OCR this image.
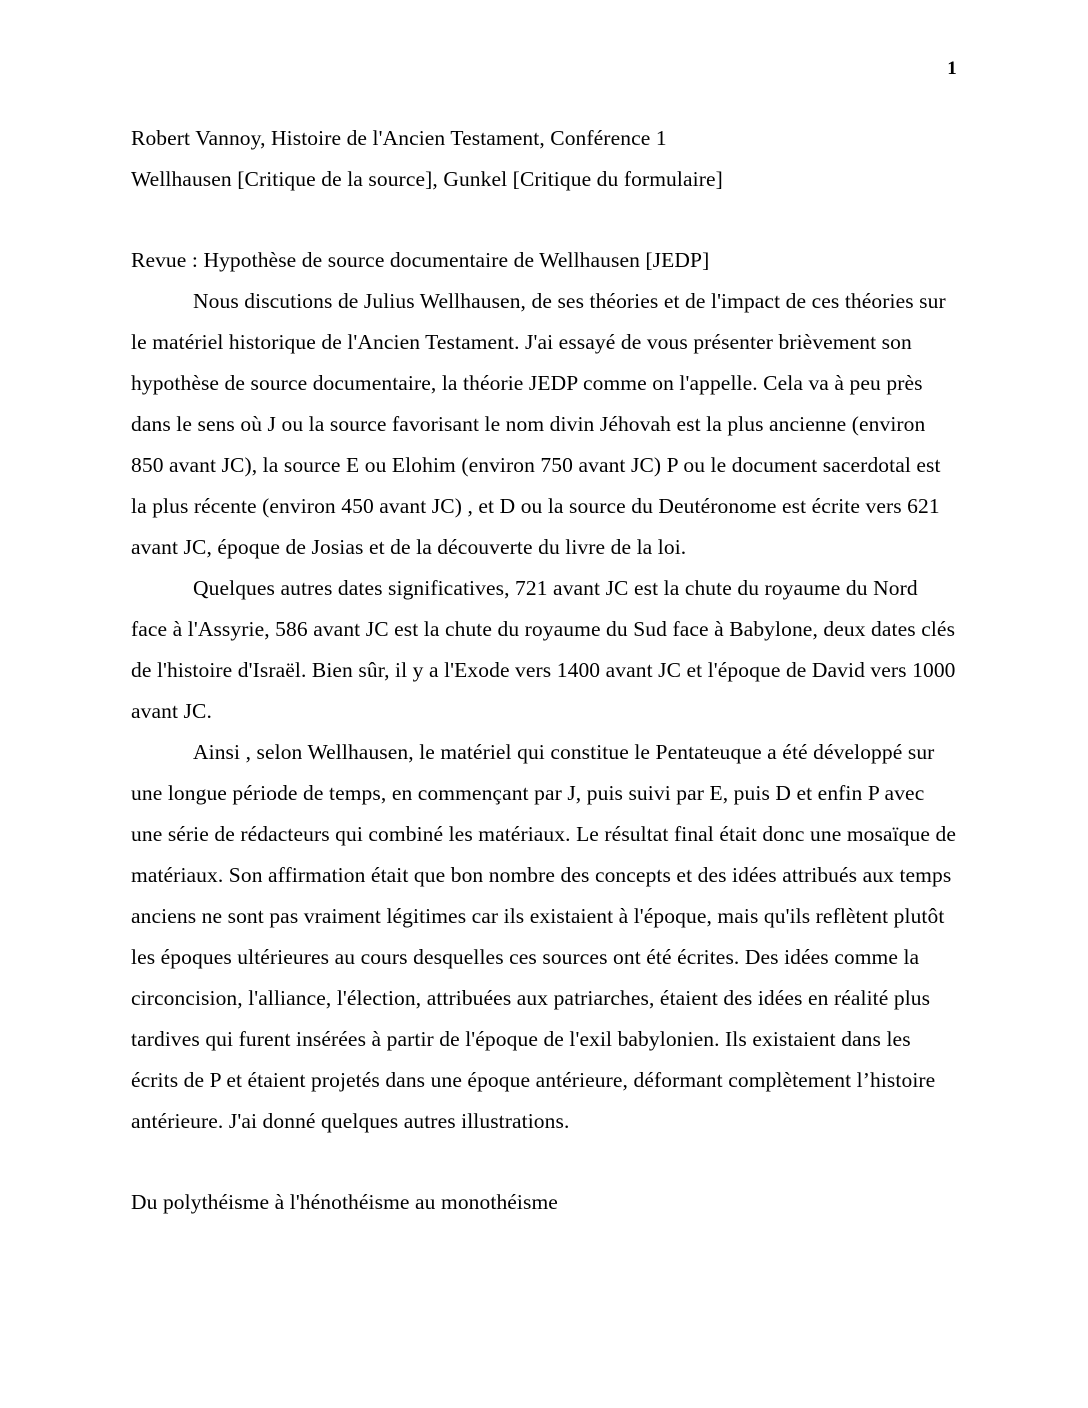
1

Robert Vannoy, Histoire de l'Ancien Testament, Conférence 1

Wellhausen [Critique de la source], Gunkel [Critique du formulaire]

Revue : Hypothèse de source documentaire de Wellhausen [JEDP]

Nous discutions de Julius Wellhausen, de ses théories et de l'impact de ces théories sur le matériel historique de l'Ancien Testament. J'ai essayé de vous présenter brièvement son hypothèse de source documentaire, la théorie JEDP comme on l'appelle. Cela va à peu près dans le sens où J ou la source favorisant le nom divin Jéhovah est la plus ancienne (environ 850 avant JC), la source E ou Elohim (environ 750 avant JC) P ou le document sacerdotal est la plus récente (environ 450 avant JC) , et D ou la source du Deutéronome est écrite vers 621 avant JC, époque de Josias et de la découverte du livre de la loi.

Quelques autres dates significatives, 721 avant JC est la chute du royaume du Nord face à l'Assyrie, 586 avant JC est la chute du royaume du Sud face à Babylone, deux dates clés de l'histoire d'Israël. Bien sûr, il y a l'Exode vers 1400 avant JC et l'époque de David vers 1000 avant JC.

Ainsi , selon Wellhausen, le matériel qui constitue le Pentateuque a été développé sur une longue période de temps, en commençant par J, puis suivi par E, puis D et enfin P avec une série de rédacteurs qui combiné les matériaux. Le résultat final était donc une mosaïque de matériaux. Son affirmation était que bon nombre des concepts et des idées attribués aux temps anciens ne sont pas vraiment légitimes car ils existaient à l'époque, mais qu'ils reflètent plutôt les époques ultérieures au cours desquelles ces sources ont été écrites. Des idées comme la circoncision, l'alliance, l'élection, attribuées aux patriarches, étaient des idées en réalité plus tardives qui furent insérées à partir de l'époque de l'exil babylonien. Ils existaient dans les écrits de P et étaient projetés dans une époque antérieure, déformant complètement l’histoire antérieure. J'ai donné quelques autres illustrations.

Du polythéisme à l'hénothéisme au monothéisme
